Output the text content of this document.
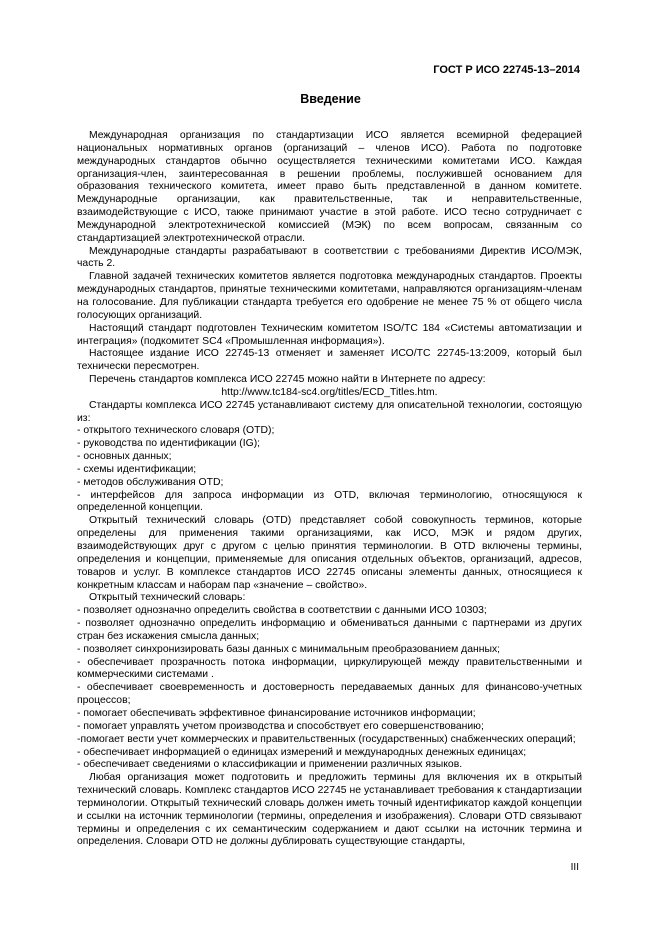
ГОСТ Р ИСО 22745-13–2014
Введение

Международная организация по стандартизации ИСО является всемирной федерацией национальных нормативных органов (организаций – членов ИСО). Работа по подготовке международных стандартов обычно осуществляется техническими комитетами ИСО. Каждая организация-член, заинтересованная в решении проблемы, послужившей основанием для образования технического комитета, имеет право быть представленной в данном комитете. Международные организации, как правительственные, так и неправительственные, взаимодействующие с ИСО, также принимают участие в этой работе. ИСО тесно сотрудничает с Международной электротехнической комиссией (МЭК) по всем вопросам, связанным со стандартизацией электротехнической отрасли.

Международные стандарты разрабатывают в соответствии с требованиями Директив ИСО/МЭК, часть 2.

Главной задачей технических комитетов является подготовка международных стандартов. Проекты международных стандартов, принятые техническими комитетами, направляются организациям-членам на голосование. Для публикации стандарта требуется его одобрение не менее 75 % от общего числа голосующих организаций.

Настоящий стандарт подготовлен Техническим комитетом ISO/TC 184 «Системы автоматизации и интеграция» (подкомитет SC4 «Промышленная информация»).

Настоящее издание ИСО 22745-13 отменяет и заменяет ИСО/ТС 22745-13:2009, который был технически пересмотрен.

Перечень стандартов комплекса ИСО 22745 можно найти в Интернете по адресу:

http://www.tc184-sc4.org/titles/ECD_Titles.htm.

Стандарты комплекса ИСО 22745 устанавливают систему для описательной технологии, состоящую из:

- открытого технического словаря (OTD);

- руководства по идентификации (IG);

- основных данных;

- схемы идентификации;

- методов обслуживания OTD;

- интерфейсов для запроса информации из OTD, включая терминологию, относящуюся к определенной концепции.

Открытый технический словарь (OTD) представляет собой совокупность терминов, которые определены для применения такими организациями, как ИСО, МЭК и рядом других, взаимодействующих друг с другом с целью принятия терминологии. В OTD включены термины, определения и концепции, применяемые для описания отдельных объектов, организаций, адресов, товаров и услуг. В комплексе стандартов ИСО 22745 описаны элементы данных, относящиеся к конкретным классам и наборам пар «значение – свойство».

Открытый технический словарь:

- позволяет однозначно определить свойства в соответствии с данными ИСО 10303;

- позволяет однозначно определить информацию и обмениваться данными с партнерами из других стран без искажения смысла данных;

- позволяет синхронизировать базы данных с минимальным преобразованием данных;

- обеспечивает прозрачность потока информации, циркулирующей между правительственными и коммерческими системами .

- обеспечивает своевременность и достоверность передаваемых данных для финансово-учетных процессов;

- помогает обеспечивать эффективное финансирование источников информации;

- помогает управлять учетом производства и способствует его совершенствованию;

-помогает вести учет коммерческих и правительственных (государственных) снабженческих операций;

- обеспечивает информацией о единицах измерений и международных денежных единицах;

- обеспечивает сведениями о классификации и применении различных языков.

Любая организация может подготовить и предложить термины для включения их в открытый технический словарь. Комплекс стандартов ИСО 22745 не устанавливает требования к стандартизации терминологии. Открытый технический словарь должен иметь точный идентификатор каждой концепции и ссылки на источник терминологии (термины, определения и изображения). Словари OTD связывают термины и определения с их семантическим содержанием и дают ссылки на источник термина и определения. Словари OTD не должны дублировать существующие стандарты,

III
